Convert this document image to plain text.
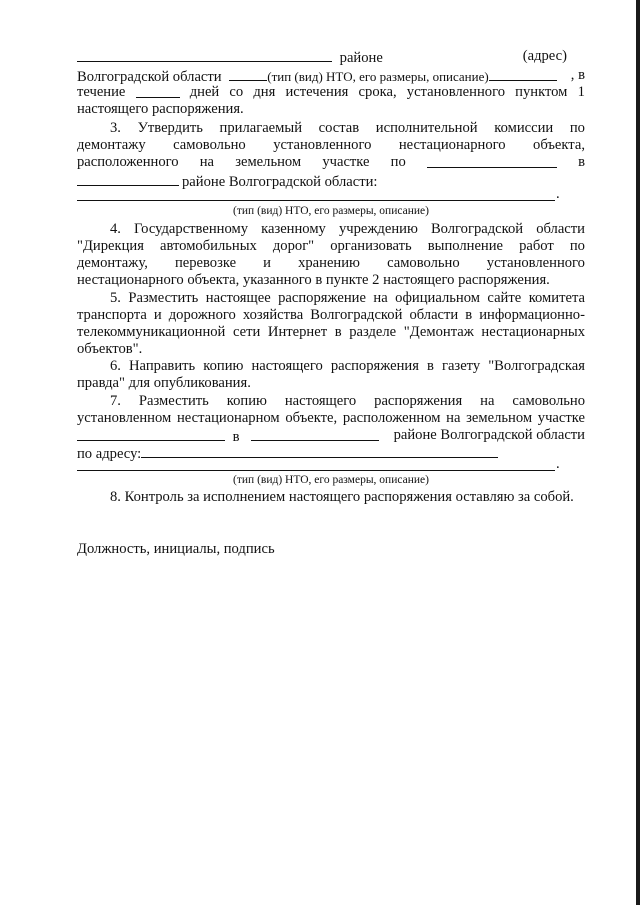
районе	(адрес)
Волгоградской области	(тип (вид) НТО, его размеры, описание)	, в
течение	дней со дня истечения срока, установленного пунктом 1
настоящего распоряжения.
3. Утвердить прилагаемый состав исполнительной комиссии по
демонтажу самовольно установленного нестационарного объекта,
расположенного на земельном участке по	в
районе Волгоградской области:
.
(тип (вид) НТО, его размеры, описание)
4. Государственному казенному учреждению Волгоградской области
"Дирекция автомобильных дорог" организовать выполнение работ по
демонтажу, перевозке и хранению самовольно установленного
нестационарного объекта, указанного в пункте 2 настоящего распоряжения.
5. Разместить настоящее распоряжение на официальном сайте комитета
транспорта и дорожного хозяйства Волгоградской области в информационно-
телекоммуникационной сети Интернет в разделе "Демонтаж нестационарных
объектов".
6. Направить копию настоящего распоряжения в газету "Волгоградская
правда" для опубликования.
7. Разместить копию настоящего распоряжения на самовольно
установленном нестационарном объекте, расположенном на земельном участке
в	районе Волгоградской области
по адресу:
.
(тип (вид) НТО, его размеры, описание)
8. Контроль за исполнением настоящего распоряжения оставляю за собой.
Должность, инициалы, подпись
